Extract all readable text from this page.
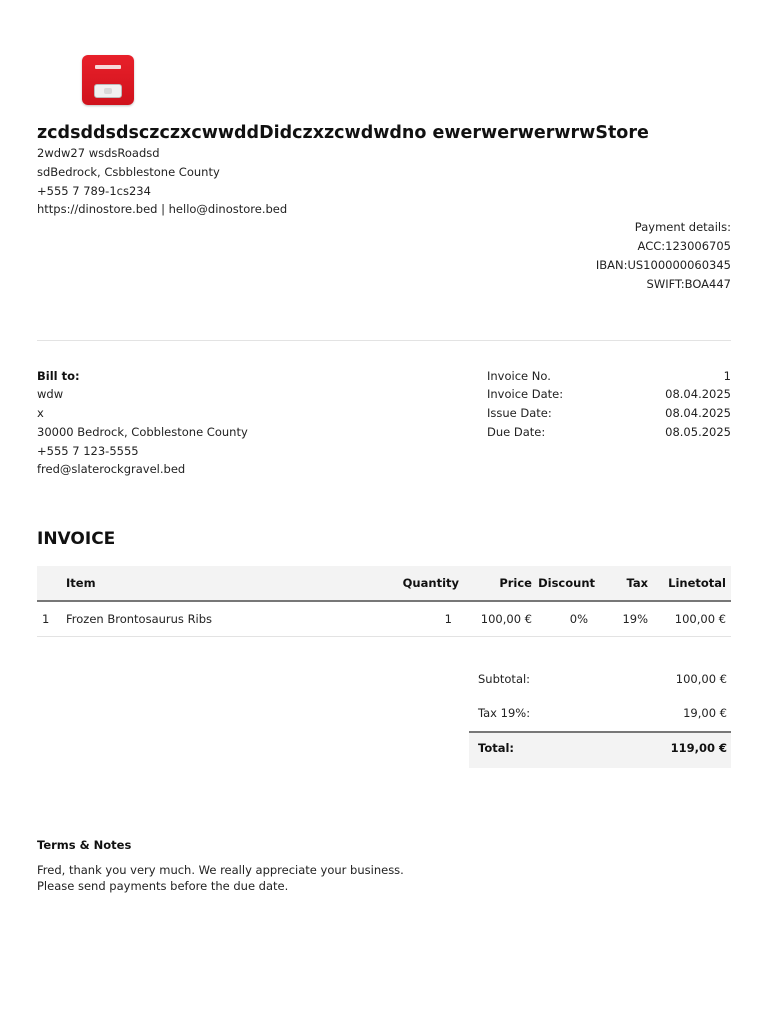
zcdsddsdsczczxcwwddDidczxzcwdwdno ewerwerwerwrwStore
2wdw27 wsdsRoadsd
sdBedrock, Csbblestone County
+555 7 789-1cs234
https://dinostore.bed | hello@dinostore.bed
Payment details:
ACC:123006705
IBAN:US100000060345
SWIFT:BOA447
Bill to:
wdw
x
30000 Bedrock, Cobblestone County
+555 7 123-5555
fred@slaterockgravel.bed
Invoice No.	1
Invoice Date:	08.04.2025
Issue Date:	08.04.2025
Due Date:	08.05.2025
INVOICE
Item	Quantity	Price Discount	Tax Linetotal
1 Frozen Brontosaurus Ribs	1	100,00 €	0%	19% 100,00 €
Subtotal:	100,00 €
Tax 19%:	19,00 €
Total:	119,00 €
Terms & Notes
Fred, thank you very much. We really appreciate your business.
Please send payments before the due date.
